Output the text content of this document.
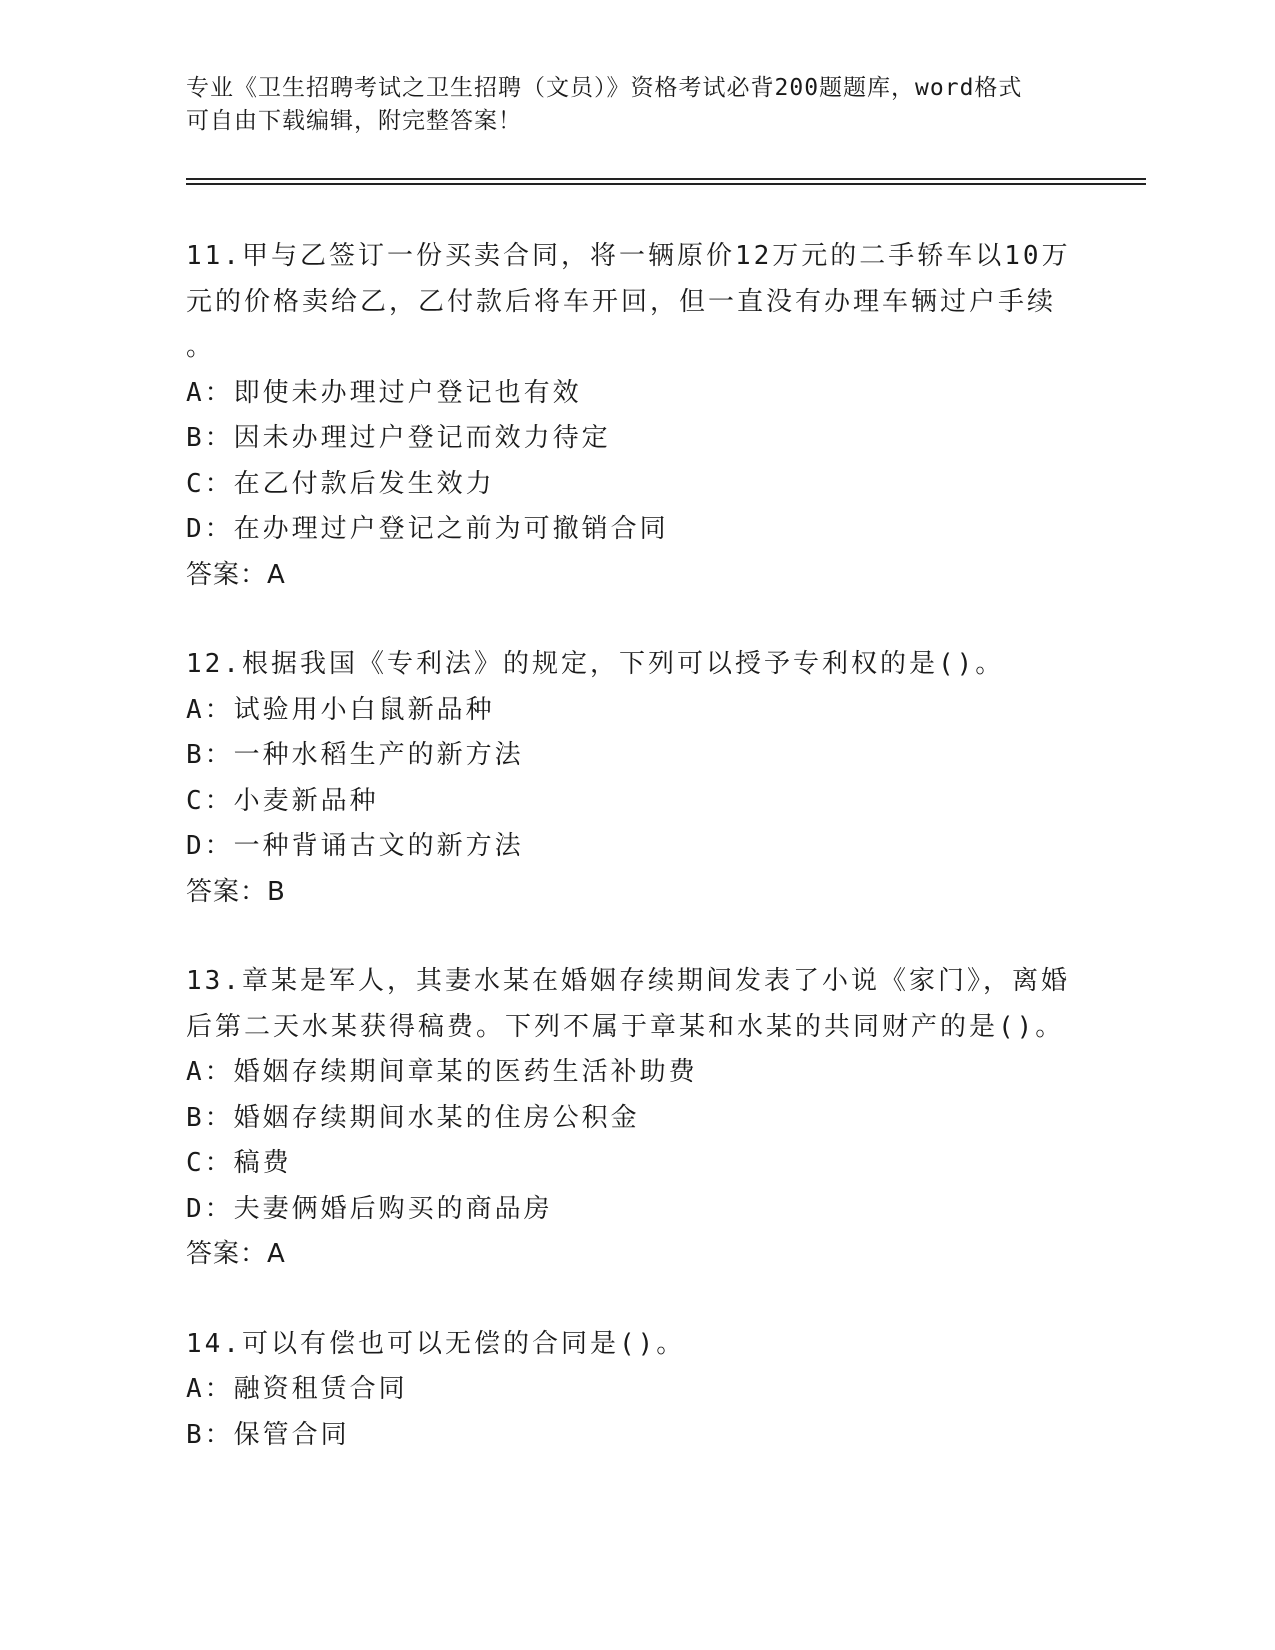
专业《卫生招聘考试之卫生招聘（文员）》资格考试必背200题题库，word格式
可自由下载编辑，附完整答案！
11.甲与乙签订一份买卖合同，将一辆原价12万元的二手轿车以10万
元的价格卖给乙，乙付款后将车开回，但一直没有办理车辆过户手续
。
A：即使未办理过户登记也有效
B：因未办理过户登记而效力待定
C：在乙付款后发生效力
D：在办理过户登记之前为可撤销合同
答案：A
12.根据我国《专利法》的规定，下列可以授予专利权的是()。
A：试验用小白鼠新品种
B：一种水稻生产的新方法
C：小麦新品种
D：一种背诵古文的新方法
答案：B
13.章某是军人，其妻水某在婚姻存续期间发表了小说《家门》，离婚
后第二天水某获得稿费。下列不属于章某和水某的共同财产的是()。
A：婚姻存续期间章某的医药生活补助费
B：婚姻存续期间水某的住房公积金
C：稿费
D：夫妻俩婚后购买的商品房
答案：A
14.可以有偿也可以无偿的合同是()。
A：融资租赁合同
B：保管合同
